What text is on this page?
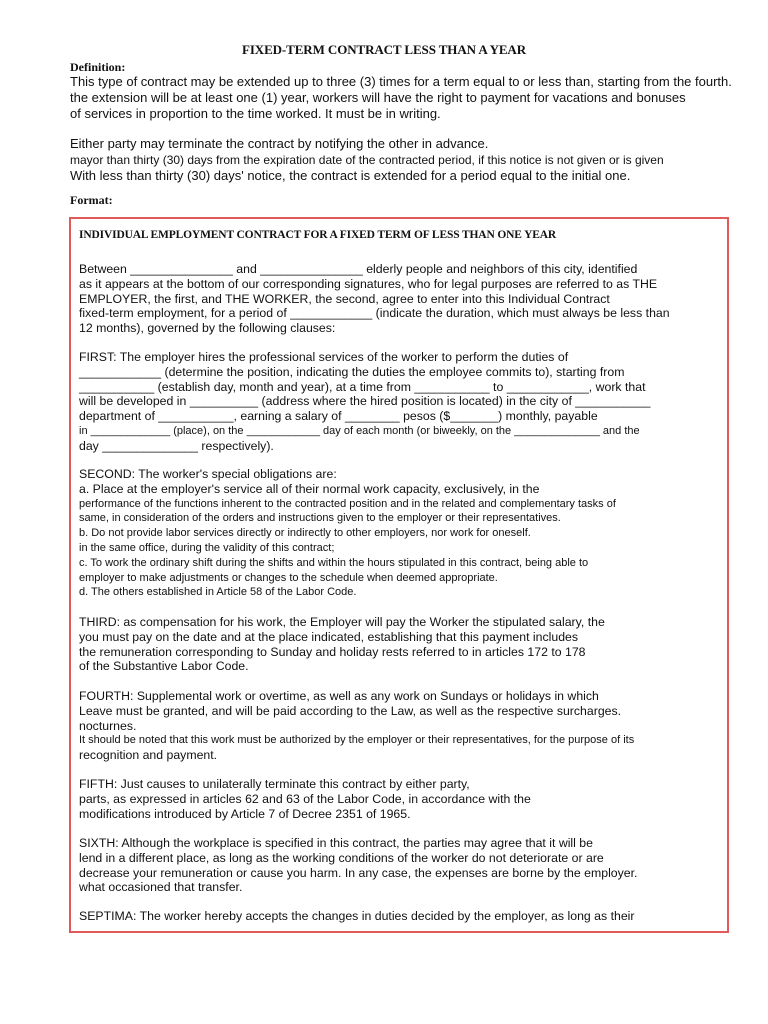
FIXED-TERM CONTRACT LESS THAN A YEAR
Definition:
This type of contract may be extended up to three (3) times for a term equal to or less than, starting from the fourth.
the extension will be at least one (1) year, workers will have the right to payment for vacations and bonuses
of services in proportion to the time worked. It must be in writing.
Either party may terminate the contract by notifying the other in advance.
mayor than thirty (30) days from the expiration date of the contracted period, if this notice is not given or is given
With less than thirty (30) days' notice, the contract is extended for a period equal to the initial one.
Format:
INDIVIDUAL EMPLOYMENT CONTRACT FOR A FIXED TERM OF LESS THAN ONE YEAR
Between _______________ and _______________ elderly people and neighbors of this city, identified
as it appears at the bottom of our corresponding signatures, who for legal purposes are referred to as THE
EMPLOYER, the first, and THE WORKER, the second, agree to enter into this Individual Contract
fixed-term employment, for a period of ____________ (indicate the duration, which must always be less than
12 months), governed by the following clauses:
FIRST: The employer hires the professional services of the worker to perform the duties of
____________ (determine the position, indicating the duties the employee commits to), starting from
___________ (establish day, month and year), at a time from ___________ to ____________, work that
will be developed in __________ (address where the hired position is located) in the city of ___________
department of ___________, earning a salary of ________ pesos ($_______) monthly, payable
in _____________ (place), on the ____________ day of each month (or biweekly, on the ______________ and the
day ______________ respectively).
SECOND: The worker's special obligations are:
a. Place at the employer's service all of their normal work capacity, exclusively, in the
performance of the functions inherent to the contracted position and in the related and complementary tasks of
same, in consideration of the orders and instructions given to the employer or their representatives.
b. Do not provide labor services directly or indirectly to other employers, nor work for oneself.
in the same office, during the validity of this contract;
c. To work the ordinary shift during the shifts and within the hours stipulated in this contract, being able to
employer to make adjustments or changes to the schedule when deemed appropriate.
d. The others established in Article 58 of the Labor Code.
THIRD: as compensation for his work, the Employer will pay the Worker the stipulated salary, the
you must pay on the date and at the place indicated, establishing that this payment includes
the remuneration corresponding to Sunday and holiday rests referred to in articles 172 to 178
of the Substantive Labor Code.
FOURTH: Supplemental work or overtime, as well as any work on Sundays or holidays in which
Leave must be granted, and will be paid according to the Law, as well as the respective surcharges.
nocturnes.
It should be noted that this work must be authorized by the employer or their representatives, for the purpose of its
recognition and payment.
FIFTH: Just causes to unilaterally terminate this contract by either party,
parts, as expressed in articles 62 and 63 of the Labor Code, in accordance with the
modifications introduced by Article 7 of Decree 2351 of 1965.
SIXTH: Although the workplace is specified in this contract, the parties may agree that it will be
lend in a different place, as long as the working conditions of the worker do not deteriorate or are
decrease your remuneration or cause you harm. In any case, the expenses are borne by the employer.
what occasioned that transfer.
SEPTIMA: The worker hereby accepts the changes in duties decided by the employer, as long as their
